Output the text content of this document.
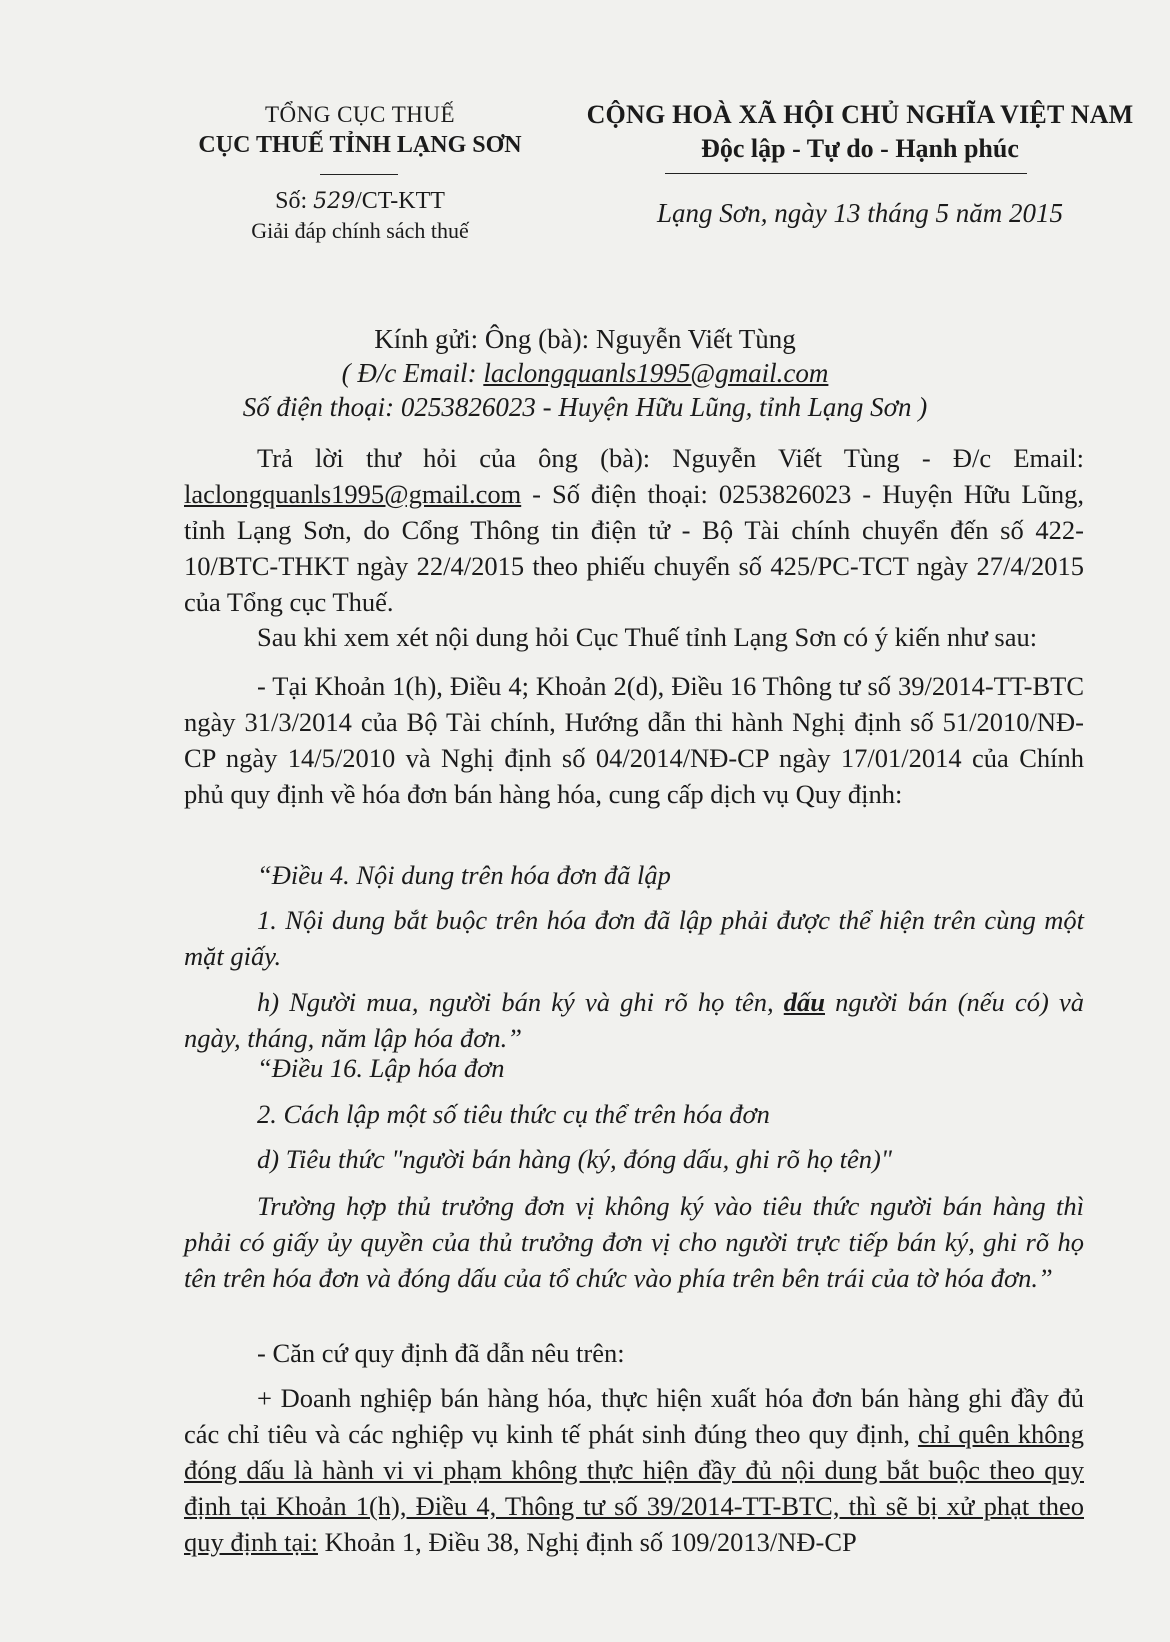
TỔNG CỤC THUẾ
CỤC THUẾ TỈNH LẠNG SƠN
Số: 529/CT-KTT
Giải đáp chính sách thuế
CỘNG HOÀ XÃ HỘI CHỦ NGHĨA VIỆT NAM
Độc lập - Tự do - Hạnh phúc
Lạng Sơn, ngày 13 tháng 5 năm 2015
Kính gửi: Ông (bà): Nguyễn Viết Tùng
( Đ/c Email: laclongquanls1995@gmail.com
Số điện thoại: 0253826023 - Huyện Hữu Lũng, tỉnh Lạng Sơn )
Trả lời thư hỏi của ông (bà): Nguyễn Viết Tùng - Đ/c Email: laclongquanls1995@gmail.com - Số điện thoại: 0253826023 - Huyện Hữu Lũng, tỉnh Lạng Sơn, do Cổng Thông tin điện tử - Bộ Tài chính chuyển đến số 422-10/BTC-THKT ngày 22/4/2015 theo phiếu chuyển số 425/PC-TCT ngày 27/4/2015 của Tổng cục Thuế.
Sau khi xem xét nội dung hỏi Cục Thuế tỉnh Lạng Sơn có ý kiến như sau:
- Tại Khoản 1(h), Điều 4; Khoản 2(d), Điều 16 Thông tư số 39/2014-TT-BTC ngày 31/3/2014 của Bộ Tài chính, Hướng dẫn thi hành Nghị định số 51/2010/NĐ-CP ngày 14/5/2010 và Nghị định số 04/2014/NĐ-CP ngày 17/01/2014 của Chính phủ quy định về hóa đơn bán hàng hóa, cung cấp dịch vụ Quy định:
“Điều 4. Nội dung trên hóa đơn đã lập
1. Nội dung bắt buộc trên hóa đơn đã lập phải được thể hiện trên cùng một mặt giấy.
h) Người mua, người bán ký và ghi rõ họ tên, dấu người bán (nếu có) và ngày, tháng, năm lập hóa đơn.”
“Điều 16. Lập hóa đơn
2. Cách lập một số tiêu thức cụ thể trên hóa đơn
d) Tiêu thức "người bán hàng (ký, đóng dấu, ghi rõ họ tên)"
Trường hợp thủ trưởng đơn vị không ký vào tiêu thức người bán hàng thì phải có giấy ủy quyền của thủ trưởng đơn vị cho người trực tiếp bán ký, ghi rõ họ tên trên hóa đơn và đóng dấu của tổ chức vào phía trên bên trái của tờ hóa đơn.”
- Căn cứ quy định đã dẫn nêu trên:
+ Doanh nghiệp bán hàng hóa, thực hiện xuất hóa đơn bán hàng ghi đầy đủ các chỉ tiêu và các nghiệp vụ kinh tế phát sinh đúng theo quy định, chỉ quên không đóng dấu là hành vi vi phạm không thực hiện đầy đủ nội dung bắt buộc theo quy định tại Khoản 1(h), Điều 4, Thông tư số 39/2014-TT-BTC, thì sẽ bị xử phạt theo quy định tại: Khoản 1, Điều 38, Nghị định số 109/2013/NĐ-CP
